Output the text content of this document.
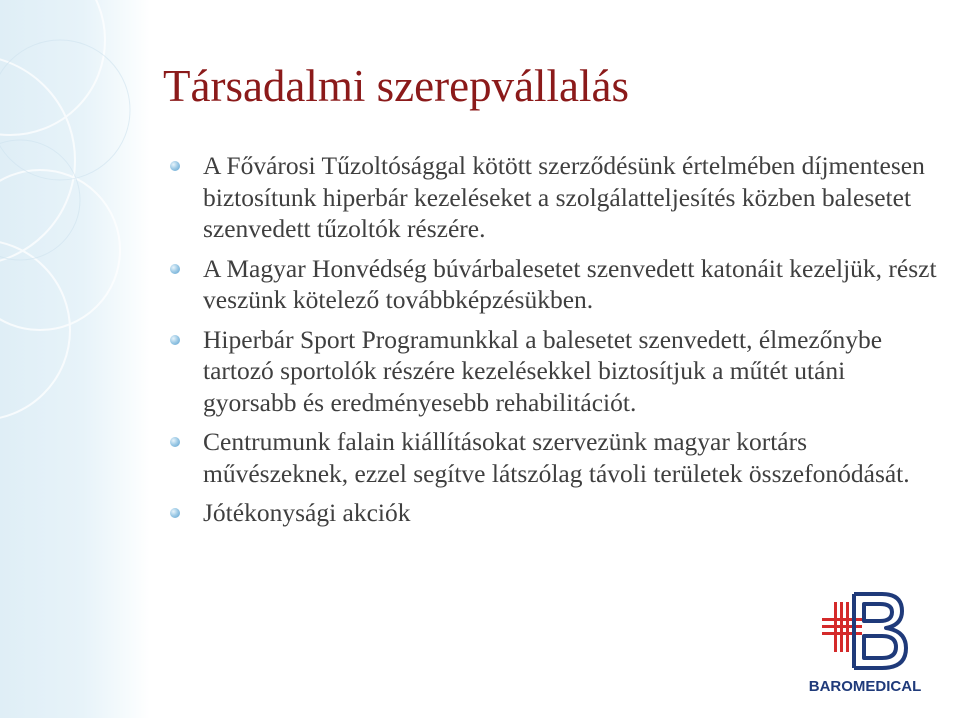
Társadalmi szerepvállalás
A Fővárosi Tűzoltósággal kötött szerződésünk értelmében díjmentesen biztosítunk hiperbár kezeléseket a szolgálatteljesítés közben balesetet szenvedett tűzoltók részére.
A Magyar Honvédség búvárbalesetet szenvedett katonáit kezeljük, részt veszünk kötelező továbbképzésükben.
Hiperbár Sport Programunkkal a balesetet szenvedett, élmezőnybe tartozó sportolók részére kezelésekkel biztosítjuk a műtét utáni gyorsabb és eredményesebb rehabilitációt.
Centrumunk falain kiállításokat szervezünk magyar kortárs művészeknek, ezzel segítve látszólag távoli területek összefonódását.
Jótékonysági akciók
BAROMEDICAL
